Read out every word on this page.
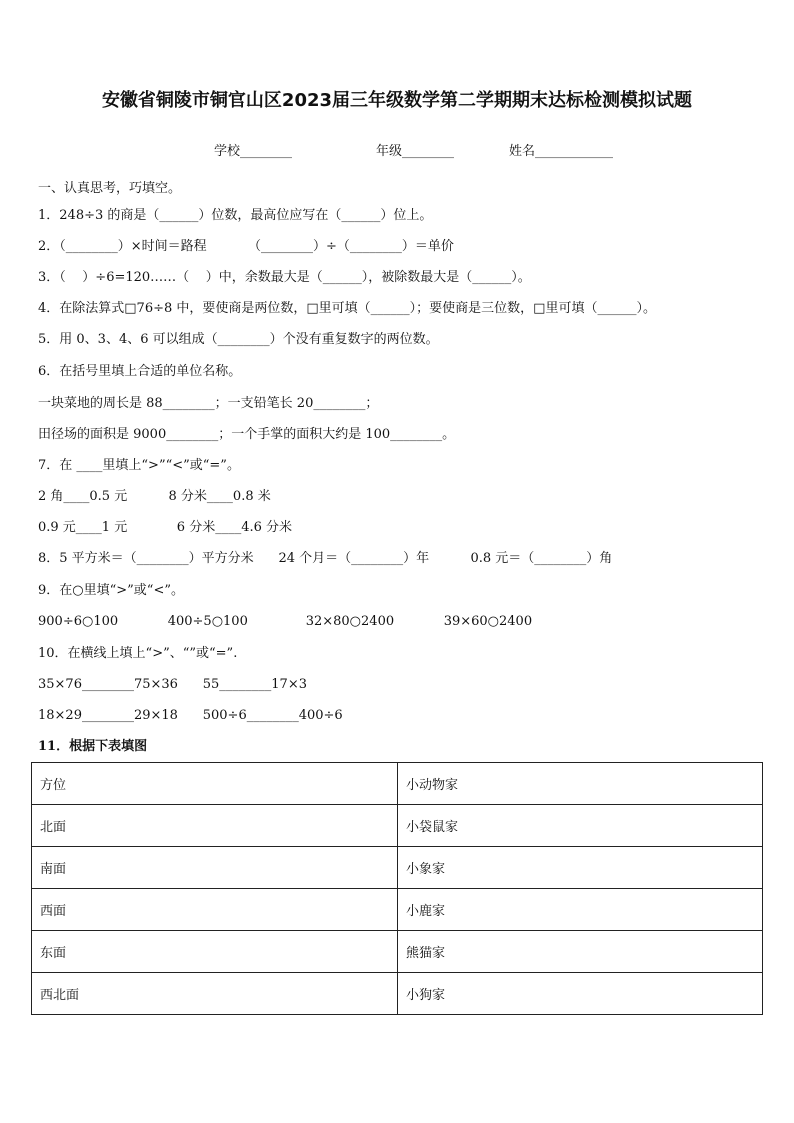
安徽省铜陵市铜官山区2023届三年级数学第二学期期末达标检测模拟试题
学校________	年级________	姓名____________
一、认真思考，巧填空。
1．248÷3 的商是（______）位数，最高位应写在（______）位上。
2．（________）×时间＝路程          （________）÷（________）＝单价
3．（    ）÷6=120……（    ）中，余数最大是（______），被除数最大是（______）。
4．在除法算式□76÷8 中，要使商是两位数，□里可填（______）；要使商是三位数，□里可填（______）。
5．用 0、3、4、6 可以组成（________）个没有重复数字的两位数。
6．在括号里填上合适的单位名称。
一块菜地的周长是 88________；一支铅笔长 20________；
田径场的面积是 9000________；一个手掌的面积大约是 100________。
7．在 ____里填上“>”“<”或“=”。
2 角____0.5 元          8 分米____0.8 米
0.9 元____1 元            6 分米____4.6 分米
8．5 平方米＝（________）平方分米      24 个月＝（________）年          0.8 元＝（________）角
9．在○里填“>”或“<”。
900÷6○100            400÷5○100              32×80○2400            39×60○2400
10．在横线上填上“>”、“”或“=”.
35×76________75×36      55________17×3
18×29________29×18      500÷6________400÷6
11．根据下表填图
方位	小动物家
北面	小袋鼠家
南面	小象家
西面	小鹿家
东面	熊猫家
西北面	小狗家
